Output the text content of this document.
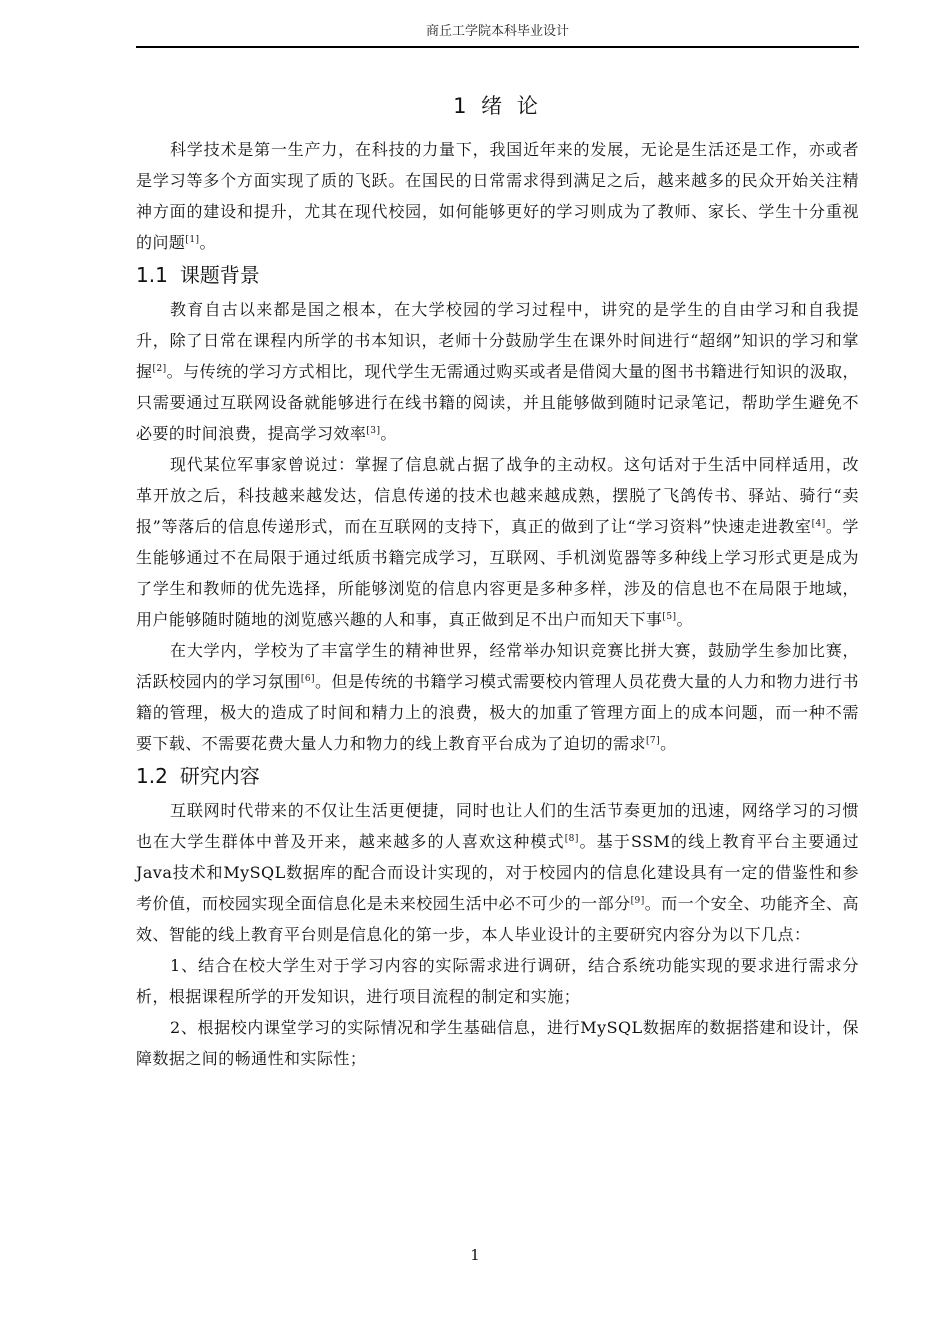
商丘工学院本科毕业设计
1 绪 论

科学技术是第一生产力，在科技的力量下，我国近年来的发展，无论是生活还是工作，亦或者是学习等多个方面实现了质的飞跃。在国民的日常需求得到满足之后，越来越多的民众开始关注精神方面的建设和提升，尤其在现代校园，如何能够更好的学习则成为了教师、家长、学生十分重视的问题[1]。

1.1 课题背景

教育自古以来都是国之根本，在大学校园的学习过程中，讲究的是学生的自由学习和自我提升，除了日常在课程内所学的书本知识，老师十分鼓励学生在课外时间进行“超纲”知识的学习和掌握[2]。与传统的学习方式相比，现代学生无需通过购买或者是借阅大量的图书书籍进行知识的汲取，只需要通过互联网设备就能够进行在线书籍的阅读，并且能够做到随时记录笔记，帮助学生避免不必要的时间浪费，提高学习效率[3]。

现代某位军事家曾说过：掌握了信息就占据了战争的主动权。这句话对于生活中同样适用，改革开放之后，科技越来越发达，信息传递的技术也越来越成熟，摆脱了飞鸽传书、驿站、骑行“卖报”等落后的信息传递形式，而在互联网的支持下，真正的做到了让“学习资料”快速走进教室[4]。学生能够通过不在局限于通过纸质书籍完成学习，互联网、手机浏览器等多种线上学习形式更是成为了学生和教师的优先选择，所能够浏览的信息内容更是多种多样，涉及的信息也不在局限于地域，用户能够随时随地的浏览感兴趣的人和事，真正做到足不出户而知天下事[5]。

在大学内，学校为了丰富学生的精神世界，经常举办知识竞赛比拼大赛，鼓励学生参加比赛，活跃校园内的学习氛围[6]。但是传统的书籍学习模式需要校内管理人员花费大量的人力和物力进行书籍的管理，极大的造成了时间和精力上的浪费，极大的加重了管理方面上的成本问题，而一种不需要下载、不需要花费大量人力和物力的线上教育平台成为了迫切的需求[7]。

1.2 研究内容

互联网时代带来的不仅让生活更便捷，同时也让人们的生活节奏更加的迅速，网络学习的习惯也在大学生群体中普及开来，越来越多的人喜欢这种模式[8]。基于SSM的线上教育平台主要通过Java技术和MySQL数据库的配合而设计实现的，对于校园内的信息化建设具有一定的借鉴性和参考价值，而校园实现全面信息化是未来校园生活中必不可少的一部分[9]。而一个安全、功能齐全、高效、智能的线上教育平台则是信息化的第一步，本人毕业设计的主要研究内容分为以下几点：

1、结合在校大学生对于学习内容的实际需求进行调研，结合系统功能实现的要求进行需求分析，根据课程所学的开发知识，进行项目流程的制定和实施；

2、根据校内课堂学习的实际情况和学生基础信息，进行MySQL数据库的数据搭建和设计，保障数据之间的畅通性和实际性；

1
